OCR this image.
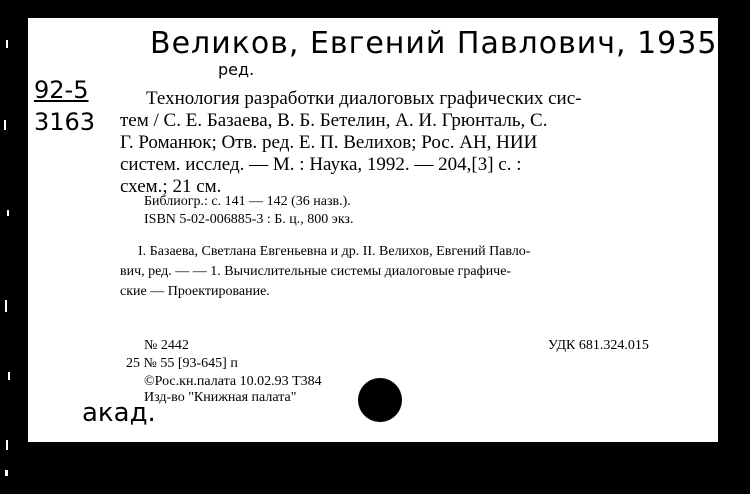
Великов, Евгений Павлович, 1935
ред.
92-5
3163
Технология разработки диалоговых графических сис-
тем / С. Е. Базаева, В. Б. Бетелин, А. И. Грюнталь, С.
Г. Романюк; Отв. ред. Е. П. Велихов; Рос. АН, НИИ
систем. исслед. — М. : Наука, 1992. — 204,[3] с. :
схем.; 21 см.
Библиогр.: с. 141 — 142 (36 назв.).
ISBN 5-02-006885-3 : Б. ц., 800 экз.
I. Базаева, Светлана Евгеньевна и др. II. Велихов, Евгений Павло-
вич, ред. — — 1. Вычислительные системы диалоговые графиче-
ские — Проектирование.
№ 2442	УДК 681.324.015
25 № 55 [93-645] п
©Рос.кн.палата 10.02.93 Т384
Изд-во "Книжная палата"
акад.
